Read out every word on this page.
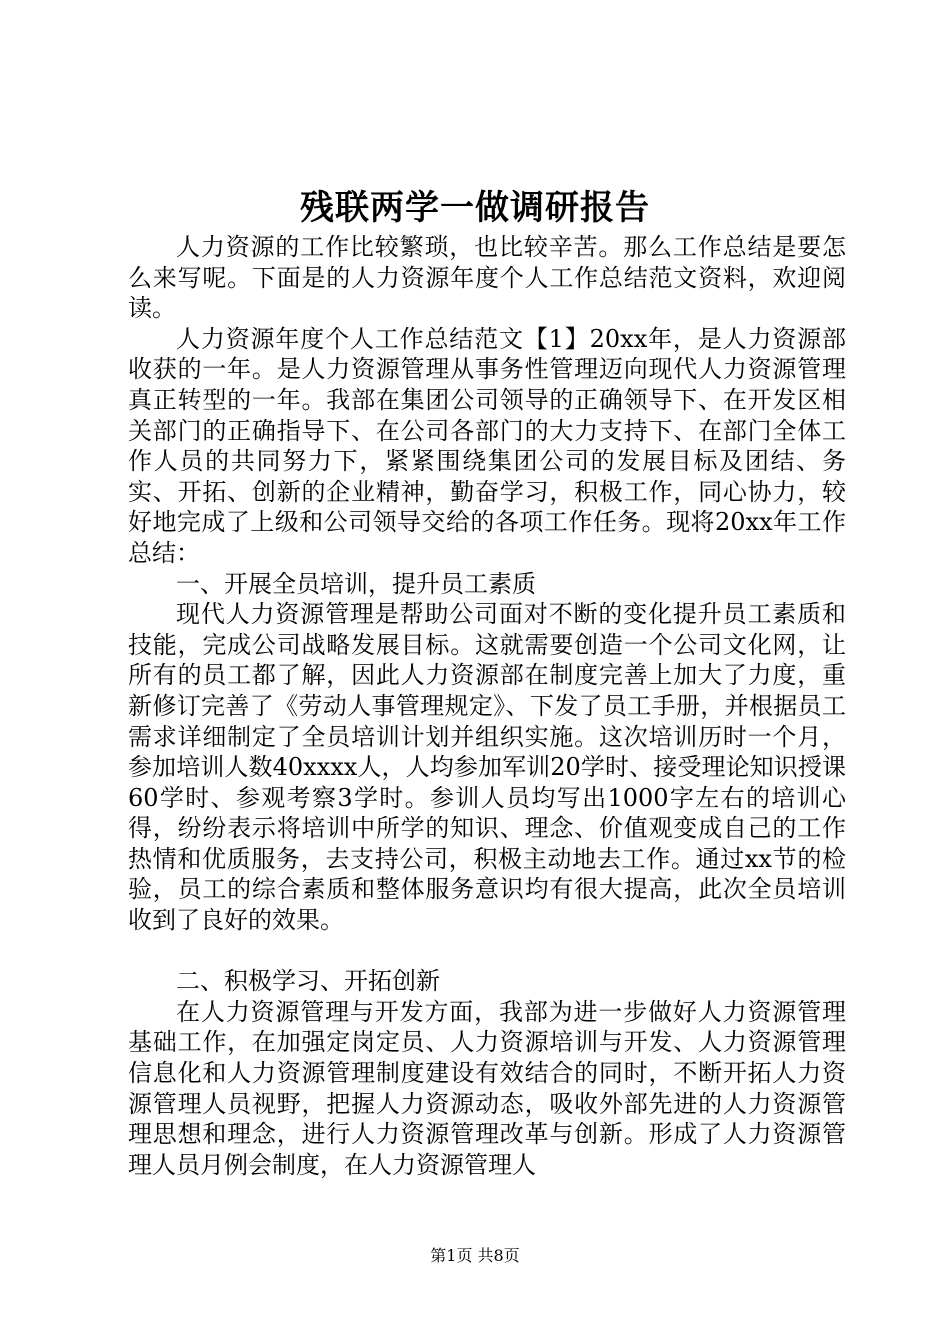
残联两学一做调研报告

人力资源的工作比较繁琐，也比较辛苦。那么工作总结是要怎么来写呢。下面是的人力资源年度个人工作总结范文资料，欢迎阅读。

人力资源年度个人工作总结范文【1】20xx年，是人力资源部收获的一年。是人力资源管理从事务性管理迈向现代人力资源管理真正转型的一年。我部在集团公司领导的正确领导下、在开发区相关部门的正确指导下、在公司各部门的大力支持下、在部门全体工作人员的共同努力下，紧紧围绕集团公司的发展目标及团结、务实、开拓、创新的企业精神，勤奋学习，积极工作，同心协力，较好地完成了上级和公司领导交给的各项工作任务。现将20xx年工作总结：

一、开展全员培训，提升员工素质

现代人力资源管理是帮助公司面对不断的变化提升员工素质和技能，完成公司战略发展目标。这就需要创造一个公司文化网，让所有的员工都了解，因此人力资源部在制度完善上加大了力度，重新修订完善了《劳动人事管理规定》、下发了员工手册，并根据员工需求详细制定了全员培训计划并组织实施。这次培训历时一个月，参加培训人数40xxxx人，人均参加军训20学时、接受理论知识授课60学时、参观考察3学时。参训人员均写出1000字左右的培训心得，纷纷表示将培训中所学的知识、理念、价值观变成自己的工作热情和优质服务，去支持公司，积极主动地去工作。通过xx节的检验，员工的综合素质和整体服务意识均有很大提高，此次全员培训收到了良好的效果。

二、积极学习、开拓创新

在人力资源管理与开发方面，我部为进一步做好人力资源管理基础工作，在加强定岗定员、人力资源培训与开发、人力资源管理信息化和人力资源管理制度建设有效结合的同时，不断开拓人力资源管理人员视野，把握人力资源动态，吸收外部先进的人力资源管理思想和理念，进行人力资源管理改革与创新。形成了人力资源管理人员月例会制度，在人力资源管理人

第1页 共8页
